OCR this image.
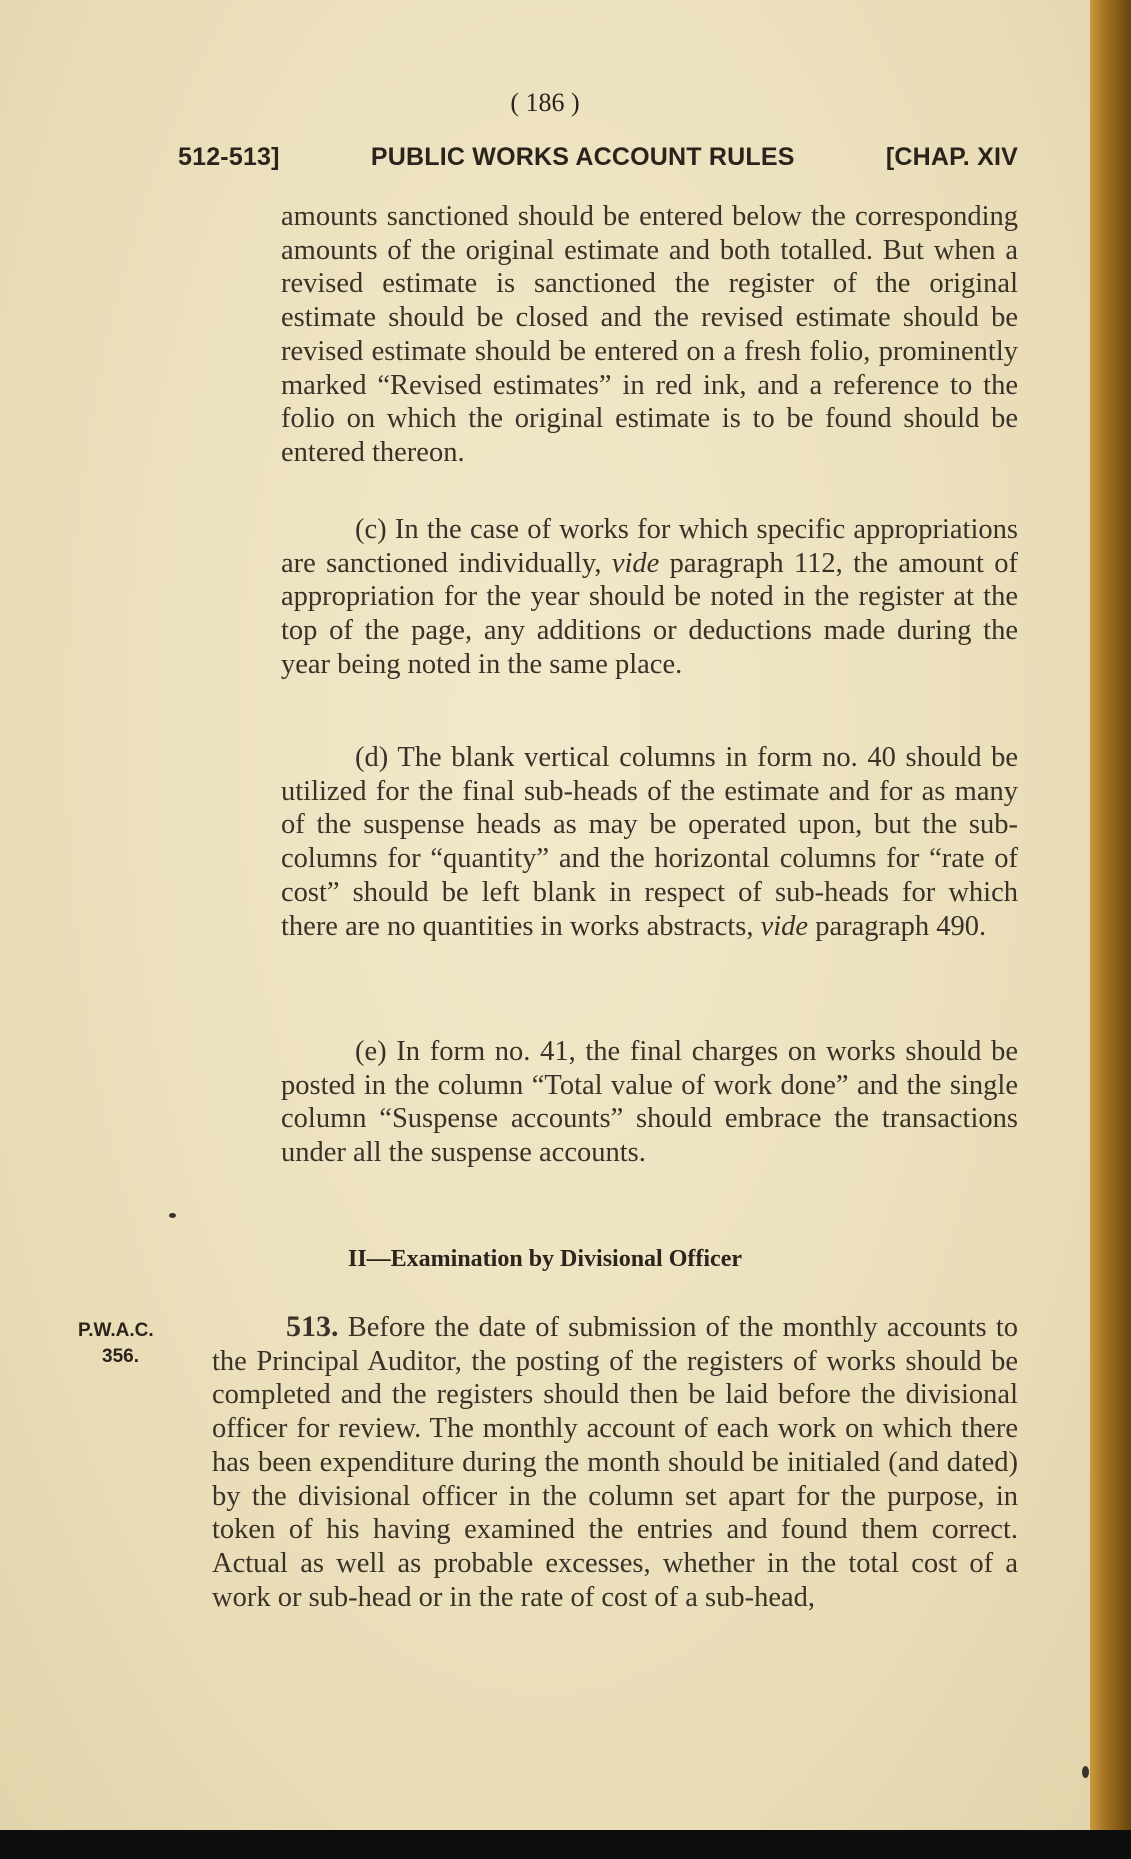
( 186 )
512-513]	PUBLIC WORKS ACCOUNT RULES	[CHAP. XIV

amounts sanctioned should be entered below the corresponding amounts of the original estimate and both totalled. But when a revised estimate is sanctioned the register of the original estimate should be closed and the revised estimate should be revised estimate should be entered on a fresh folio, prominently marked “Revised estimates” in red ink, and a reference to the folio on which the original estimate is to be found should be entered thereon.

(c) In the case of works for which specific appropriations are sanctioned individually, vide paragraph 112, the amount of appropriation for the year should be noted in the register at the top of the page, any additions or deductions made during the year being noted in the same place.

(d) The blank vertical columns in form no. 40 should be utilized for the final sub-heads of the estimate and for as many of the suspense heads as may be operated upon, but the sub-columns for “quantity” and the horizontal columns for “rate of cost” should be left blank in respect of sub-heads for which there are no quantities in works abstracts, vide paragraph 490.

(e) In form no. 41, the final charges on works should be posted in the column “Total value of work done” and the single column “Suspense accounts” should embrace the transactions under all the suspense accounts.

II—Examination by Divisional Officer
P.W.A.C.
356.

513. Before the date of submission of the monthly accounts to the Principal Auditor, the posting of the registers of works should be completed and the registers should then be laid before the divisional officer for review. The monthly account of each work on which there has been expenditure during the month should be initialed (and dated) by the divisional officer in the column set apart for the purpose, in token of his having examined the entries and found them correct. Actual as well as probable excesses, whether in the total cost of a work or sub-head or in the rate of cost of a sub-head,
